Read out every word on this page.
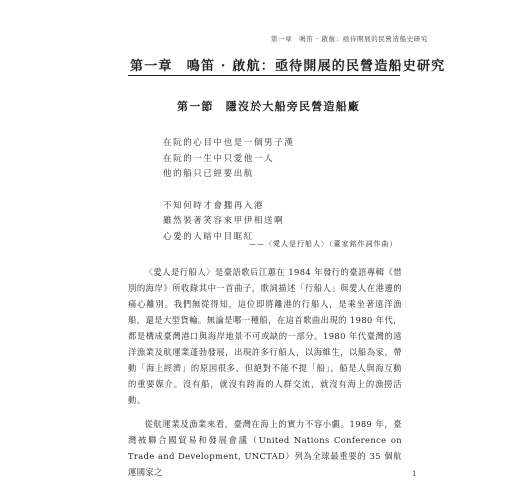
第一章　鳴笛 · 啟航：亟待開展的民營造船史研究
第一章　鳴笛 · 啟航：亟待開展的民營造船史研究
第一節　隱沒於大船旁民營造船廠
在阮的心目中也是一個男子漢
在阮的一生中只愛他一人
他的船只已經要出航
不知何時才會擱再入港
雖然裝著笑容來甲伊相送啊
心愛的人暗中目眶紅
——〈愛人是行船人〉（董家銘作詞作曲）
〈愛人是行船人〉是臺語歌后江蕙在 1984 年發行的臺語專輯《惜別的海岸》所收錄其中一首曲子，歌詞描述「行船人」與愛人在港邊的痛心離別。我們無從得知，這位即將離港的行船人，是乘坐著遠洋漁船，還是大型貨輪。無論是哪一種船，在這首歌曲出現的 1980 年代，都是構成臺灣港口與海岸地景不可或缺的一部分。1980 年代臺灣的遠洋漁業及航運業蓬勃發展，出現許多行船人，以海維生，以船為家，帶動「海上經濟」的原因很多，但絕對不能不提「船」。船是人與海互動的重要媒介。沒有船，就沒有跨海的人群交流，就沒有海上的漁撈活動。
從航運業及漁業來看，臺灣在海上的實力不容小覷。1989 年，臺灣被聯合國貿易和發展會議（United Nations Conference on Trade and Development, UNCTAD）列為全球最重要的 35 個航運國家之	1
